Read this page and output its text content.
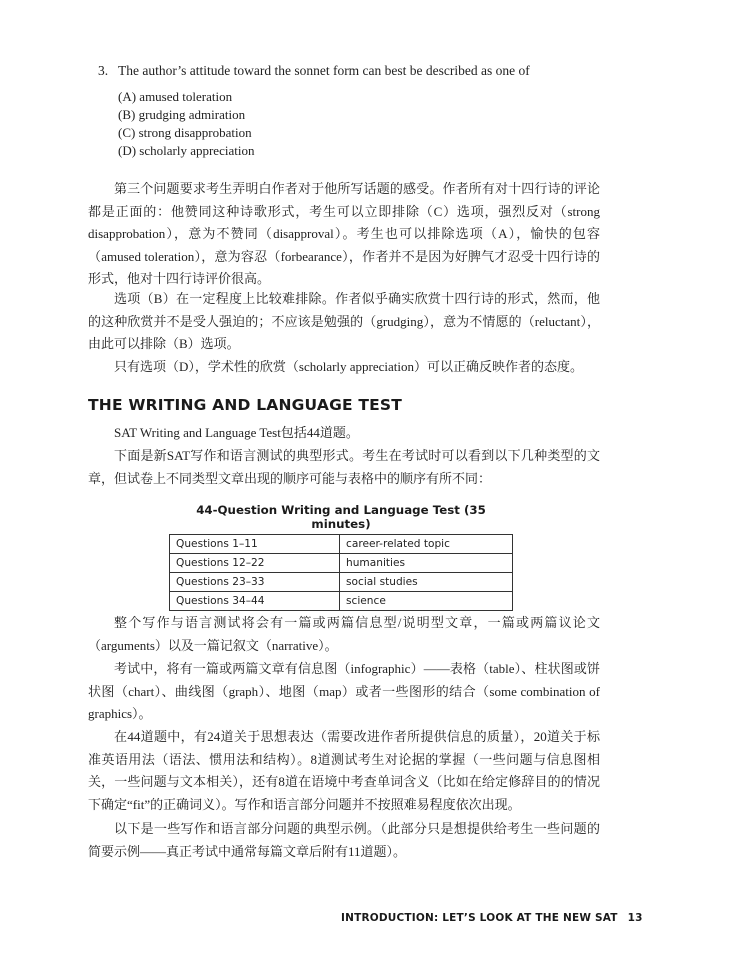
3. The author’s attitude toward the sonnet form can best be described as one of

(A) amused toleration
(B) grudging admiration
(C) strong disapprobation
(D) scholarly appreciation

第三个问题要求考生弄明白作者对于他所写话题的感受。作者所有对十四行诗的评论都是正面的：他赞同这种诗歌形式，考生可以立即排除（C）选项，强烈反对（strong disapprobation），意为不赞同（disapproval）。考生也可以排除选项（A），愉快的包容（amused toleration），意为容忍（forbearance），作者并不是因为好脾气才忍受十四行诗的形式，他对十四行诗评价很高。

选项（B）在一定程度上比较难排除。作者似乎确实欣赏十四行诗的形式，然而，他的这种欣赏并不是受人强迫的；不应该是勉强的（grudging），意为不情愿的（reluctant），由此可以排除（B）选项。

只有选项（D），学术性的欣赏（scholarly appreciation）可以正确反映作者的态度。

THE WRITING AND LANGUAGE TEST

SAT Writing and Language Test包括44道题。

下面是新SAT写作和语言测试的典型形式。考生在考试时可以看到以下几种类型的文章，但试卷上不同类型文章出现的顺序可能与表格中的顺序有所不同：

44-Question Writing and Language Test (35 minutes)

Questions 1–11	career-related topic
Questions 12–22	humanities
Questions 23–33	social studies
Questions 34–44	science

整个写作与语言测试将会有一篇或两篇信息型/说明型文章，一篇或两篇议论文（arguments）以及一篇记叙文（narrative）。

考试中，将有一篇或两篇文章有信息图（infographic）——表格（table）、柱状图或饼状图（chart）、曲线图（graph）、地图（map）或者一些图形的结合（some combination of graphics）。

在44道题中，有24道关于思想表达（需要改进作者所提供信息的质量），20道关于标准英语用法（语法、惯用法和结构）。8道测试考生对论据的掌握（一些问题与信息图相关，一些问题与文本相关），还有8道在语境中考查单词含义（比如在给定修辞目的的情况下确定“fit”的正确词义）。写作和语言部分问题并不按照难易程度依次出现。

以下是一些写作和语言部分问题的典型示例。（此部分只是想提供给考生一些问题的简要示例——真正考试中通常每篇文章后附有11道题）。

INTRODUCTION: LET’S LOOK AT THE NEW SAT 13
